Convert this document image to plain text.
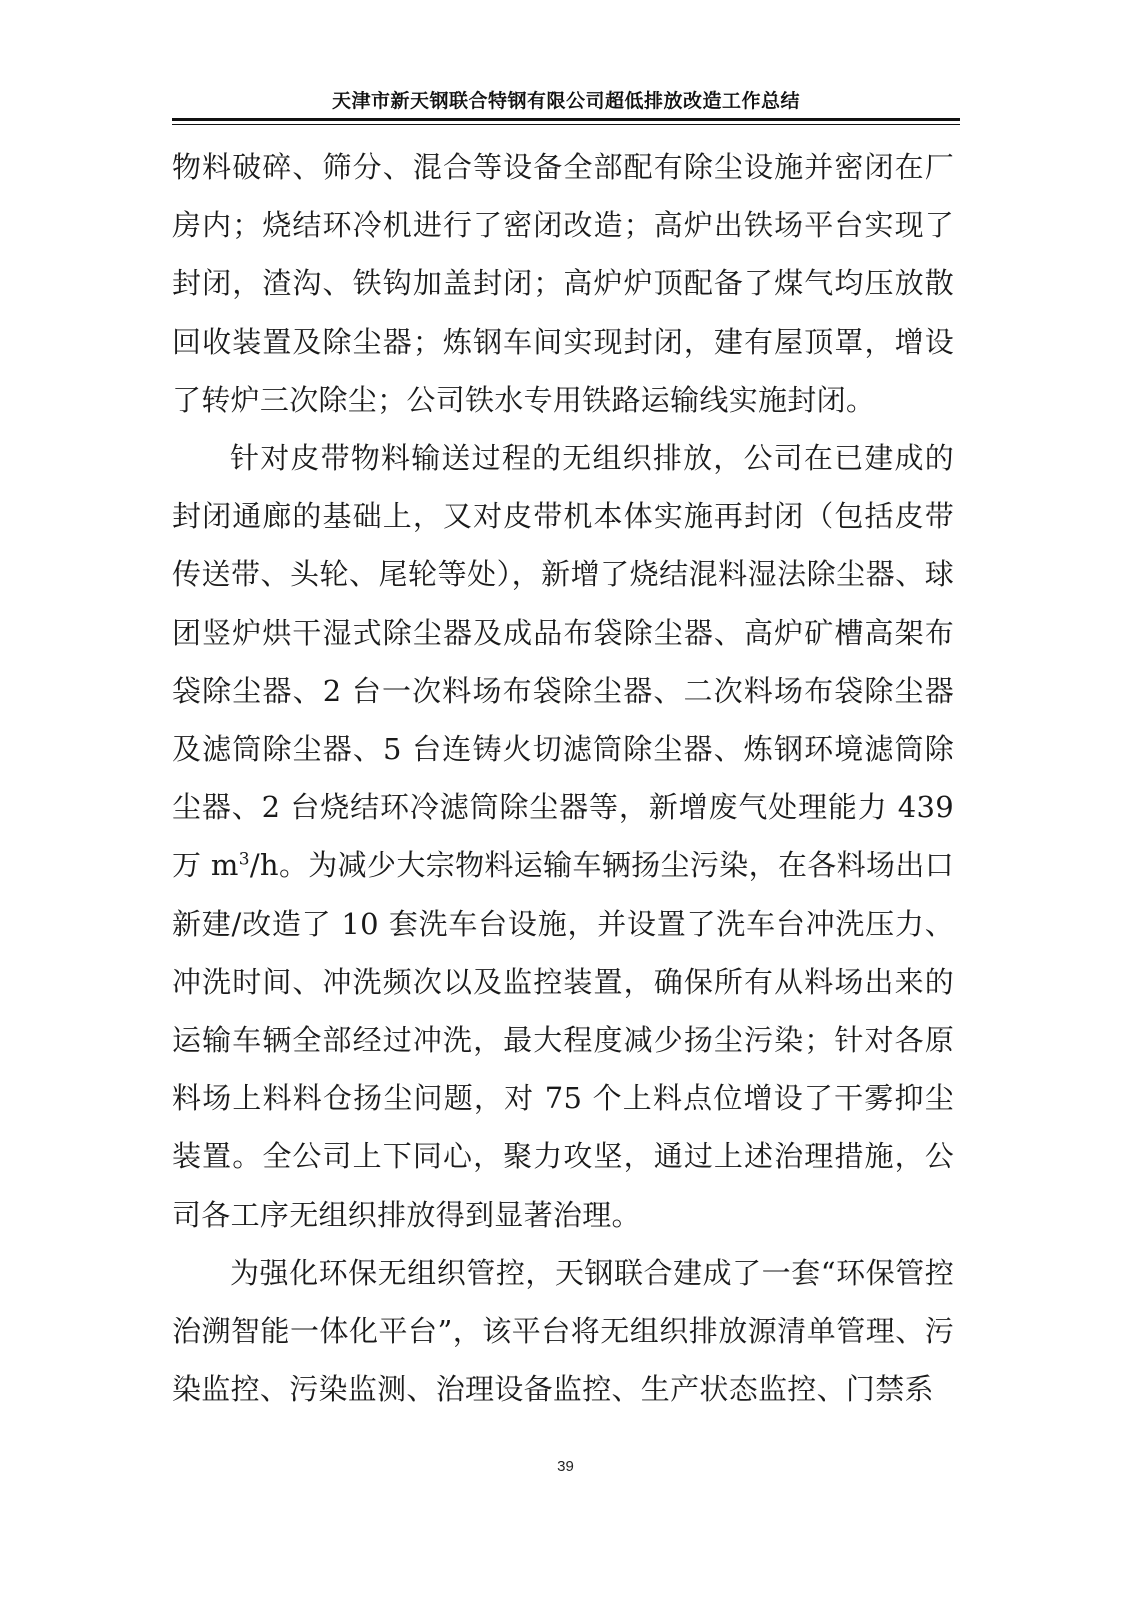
天津市新天钢联合特钢有限公司超低排放改造工作总结

物料破碎、筛分、混合等设备全部配有除尘设施并密闭在厂房内；烧结环冷机进行了密闭改造；高炉出铁场平台实现了封闭，渣沟、铁钩加盖封闭；高炉炉顶配备了煤气均压放散回收装置及除尘器；炼钢车间实现封闭，建有屋顶罩，增设了转炉三次除尘；公司铁水专用铁路运输线实施封闭。

针对皮带物料输送过程的无组织排放，公司在已建成的封闭通廊的基础上，又对皮带机本体实施再封闭（包括皮带传送带、头轮、尾轮等处），新增了烧结混料湿法除尘器、球团竖炉烘干湿式除尘器及成品布袋除尘器、高炉矿槽高架布袋除尘器、2 台一次料场布袋除尘器、二次料场布袋除尘器及滤筒除尘器、5 台连铸火切滤筒除尘器、炼钢环境滤筒除尘器、2 台烧结环冷滤筒除尘器等，新增废气处理能力 439 万 $m^3/h$。为减少大宗物料运输车辆扬尘污染，在各料场出口新建/改造了 10 套洗车台设施，并设置了洗车台冲洗压力、冲洗时间、冲洗频次以及监控装置，确保所有从料场出来的运输车辆全部经过冲洗，最大程度减少扬尘污染；针对各原料场上料料仓扬尘问题，对 75 个上料点位增设了干雾抑尘装置。全公司上下同心，聚力攻坚，通过上述治理措施，公司各工序无组织排放得到显著治理。

为强化环保无组织管控，天钢联合建成了一套“环保管控治溯智能一体化平台”，该平台将无组织排放源清单管理、污染监控、污染监测、治理设备监控、生产状态监控、门禁系

39
